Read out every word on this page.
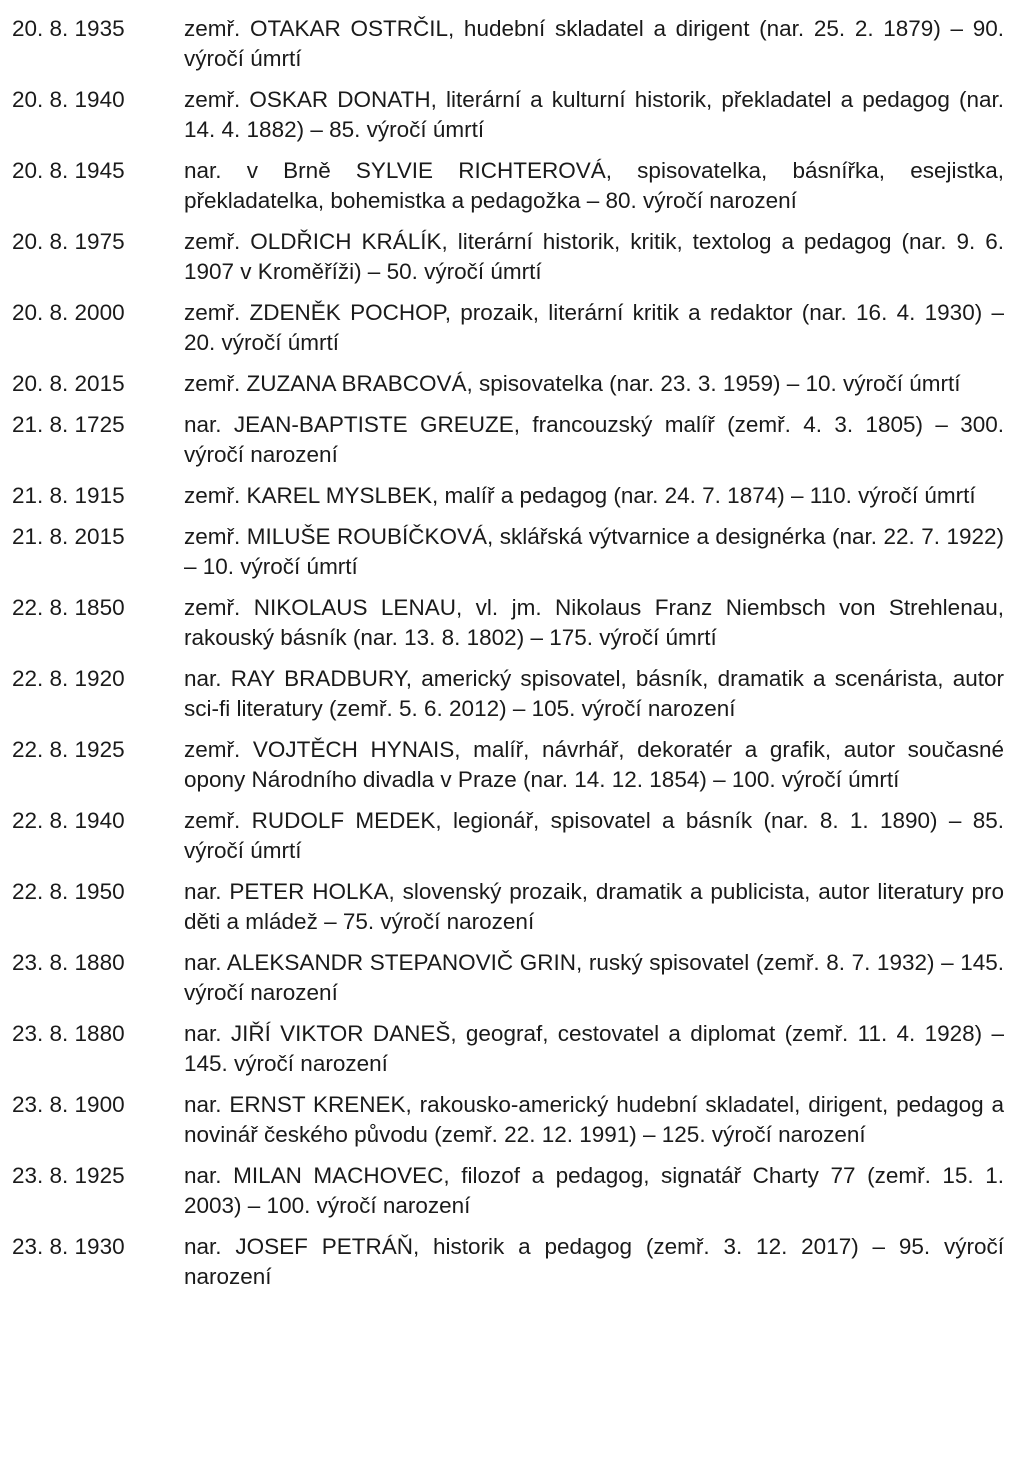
20. 8. 1935	zemř. OTAKAR OSTRČIL, hudební skladatel a dirigent (nar. 25. 2. 1879) – 90. výročí úmrtí
20. 8. 1940	zemř. OSKAR DONATH, literární a kulturní historik, překladatel a pedagog (nar. 14. 4. 1882) – 85. výročí úmrtí
20. 8. 1945	nar. v Brně SYLVIE RICHTEROVÁ, spisovatelka, básnířka, esejistka, překladatelka, bohemistka a pedagožka – 80. výročí narození
20. 8. 1975	zemř. OLDŘICH KRÁLÍK, literární historik, kritik, textolog a pedagog (nar. 9. 6. 1907 v Kroměříži) – 50. výročí úmrtí
20. 8. 2000	zemř. ZDENĚK POCHOP, prozaik, literární kritik a redaktor (nar. 16. 4. 1930) – 20. výročí úmrtí
20. 8. 2015	zemř. ZUZANA BRABCOVÁ, spisovatelka (nar. 23. 3. 1959) – 10. výročí úmrtí
21. 8. 1725	nar. JEAN-BAPTISTE GREUZE, francouzský malíř (zemř. 4. 3. 1805) – 300. výročí narození
21. 8. 1915	zemř. KAREL MYSLBEK, malíř a pedagog (nar. 24. 7. 1874) – 110. výročí úmrtí
21. 8. 2015	zemř. MILUŠE ROUBÍČKOVÁ, sklářská výtvarnice a designérka (nar. 22. 7. 1922) – 10. výročí úmrtí
22. 8. 1850	zemř. NIKOLAUS LENAU, vl. jm. Nikolaus Franz Niembsch von Strehlenau, rakouský básník (nar. 13. 8. 1802) – 175. výročí úmrtí
22. 8. 1920	nar. RAY BRADBURY, americký spisovatel, básník, dramatik a scenárista, autor sci-fi literatury (zemř. 5. 6. 2012) – 105. výročí narození
22. 8. 1925	zemř. VOJTĚCH HYNAIS, malíř, návrhář, dekoratér a grafik, autor současné opony Národního divadla v Praze (nar. 14. 12. 1854) – 100. výročí úmrtí
22. 8. 1940	zemř. RUDOLF MEDEK, legionář, spisovatel a básník (nar. 8. 1. 1890) – 85. výročí úmrtí
22. 8. 1950	nar. PETER HOLKA, slovenský prozaik, dramatik a publicista, autor literatury pro děti a mládež – 75. výročí narození
23. 8. 1880	nar. ALEKSANDR STEPANOVIČ GRIN, ruský spisovatel (zemř. 8. 7. 1932) – 145. výročí narození
23. 8. 1880	nar. JIŘÍ VIKTOR DANEŠ, geograf, cestovatel a diplomat (zemř. 11. 4. 1928) – 145. výročí narození
23. 8. 1900	nar. ERNST KRENEK, rakousko-americký hudební skladatel, dirigent, pedagog a novinář českého původu (zemř. 22. 12. 1991) – 125. výročí narození
23. 8. 1925	nar. MILAN MACHOVEC, filozof a pedagog, signatář Charty 77 (zemř. 15. 1. 2003) – 100. výročí narození
23. 8. 1930	nar. JOSEF PETRÁŇ, historik a pedagog (zemř. 3. 12. 2017) – 95. výročí narození
